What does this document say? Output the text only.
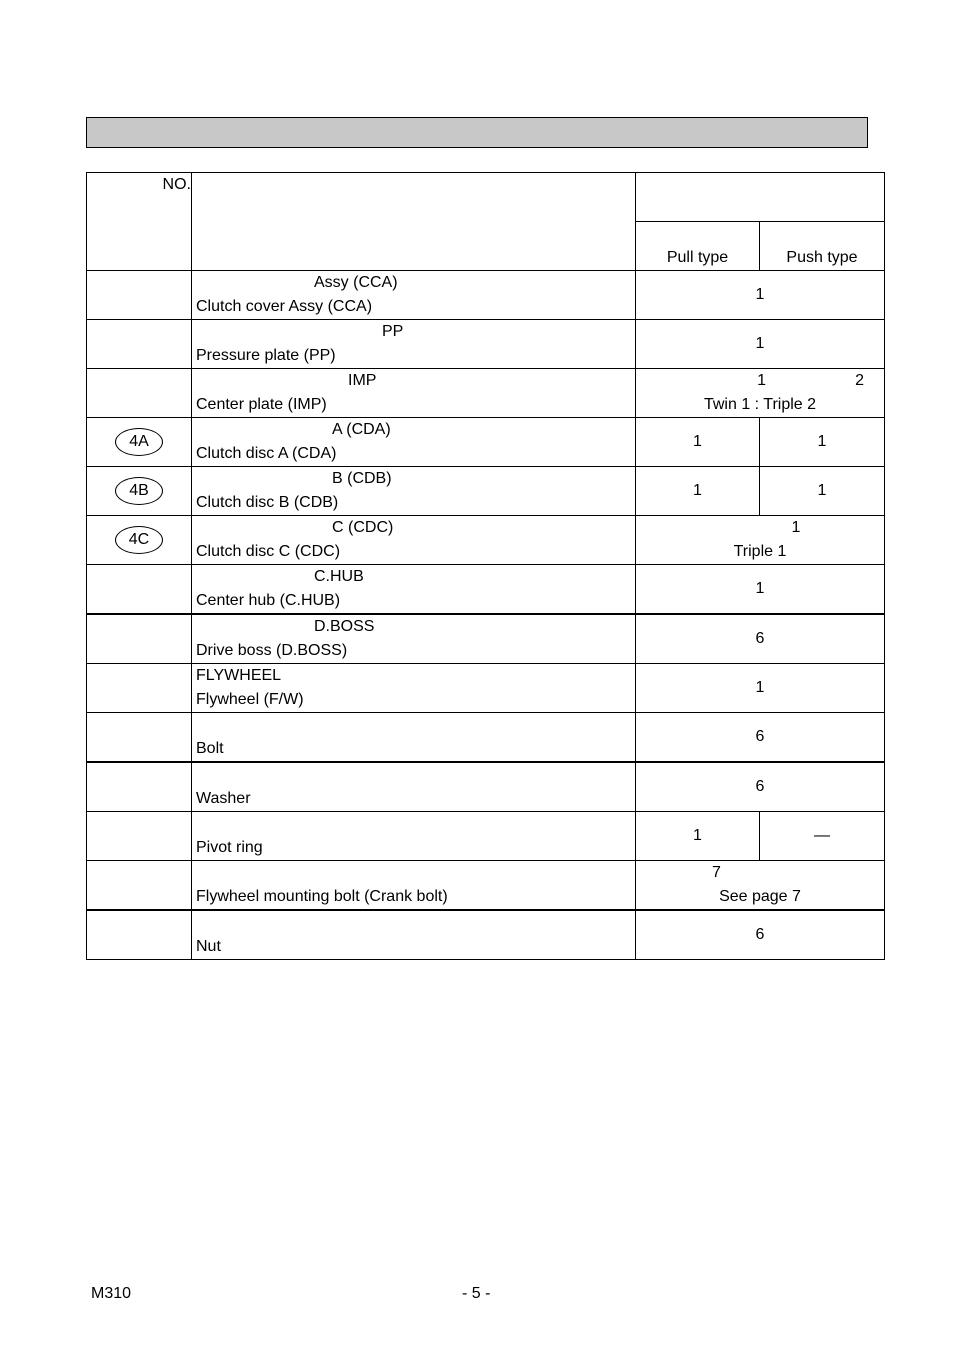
NO.			
		Pull type	Push type

	Assy (CCA)
Clutch cover Assy (CCA)	1	

	PP
Pressure plate (PP)	1	

	IMP
Center plate (IMP)	1 2
Twin 1 : Triple 2	

4A	A (CDA)
Clutch disc A (CDA)	1	1
4B	B (CDB)
Clutch disc B (CDB)	1	1
4C	C (CDC)
Clutch disc C (CDC)	1
Triple 1	

	C.HUB
Center hub (C.HUB)	1	

	D.BOSS
Drive boss (D.BOSS)	6	

	FLYWHEEL
Flywheel (F/W)	1	

	Bolt	6	

	Washer	6	

	Pivot ring	1	—

	Flywheel mounting bolt (Crank bolt)	7
See page 7	

	Nut	6	
M310	- 5 -
